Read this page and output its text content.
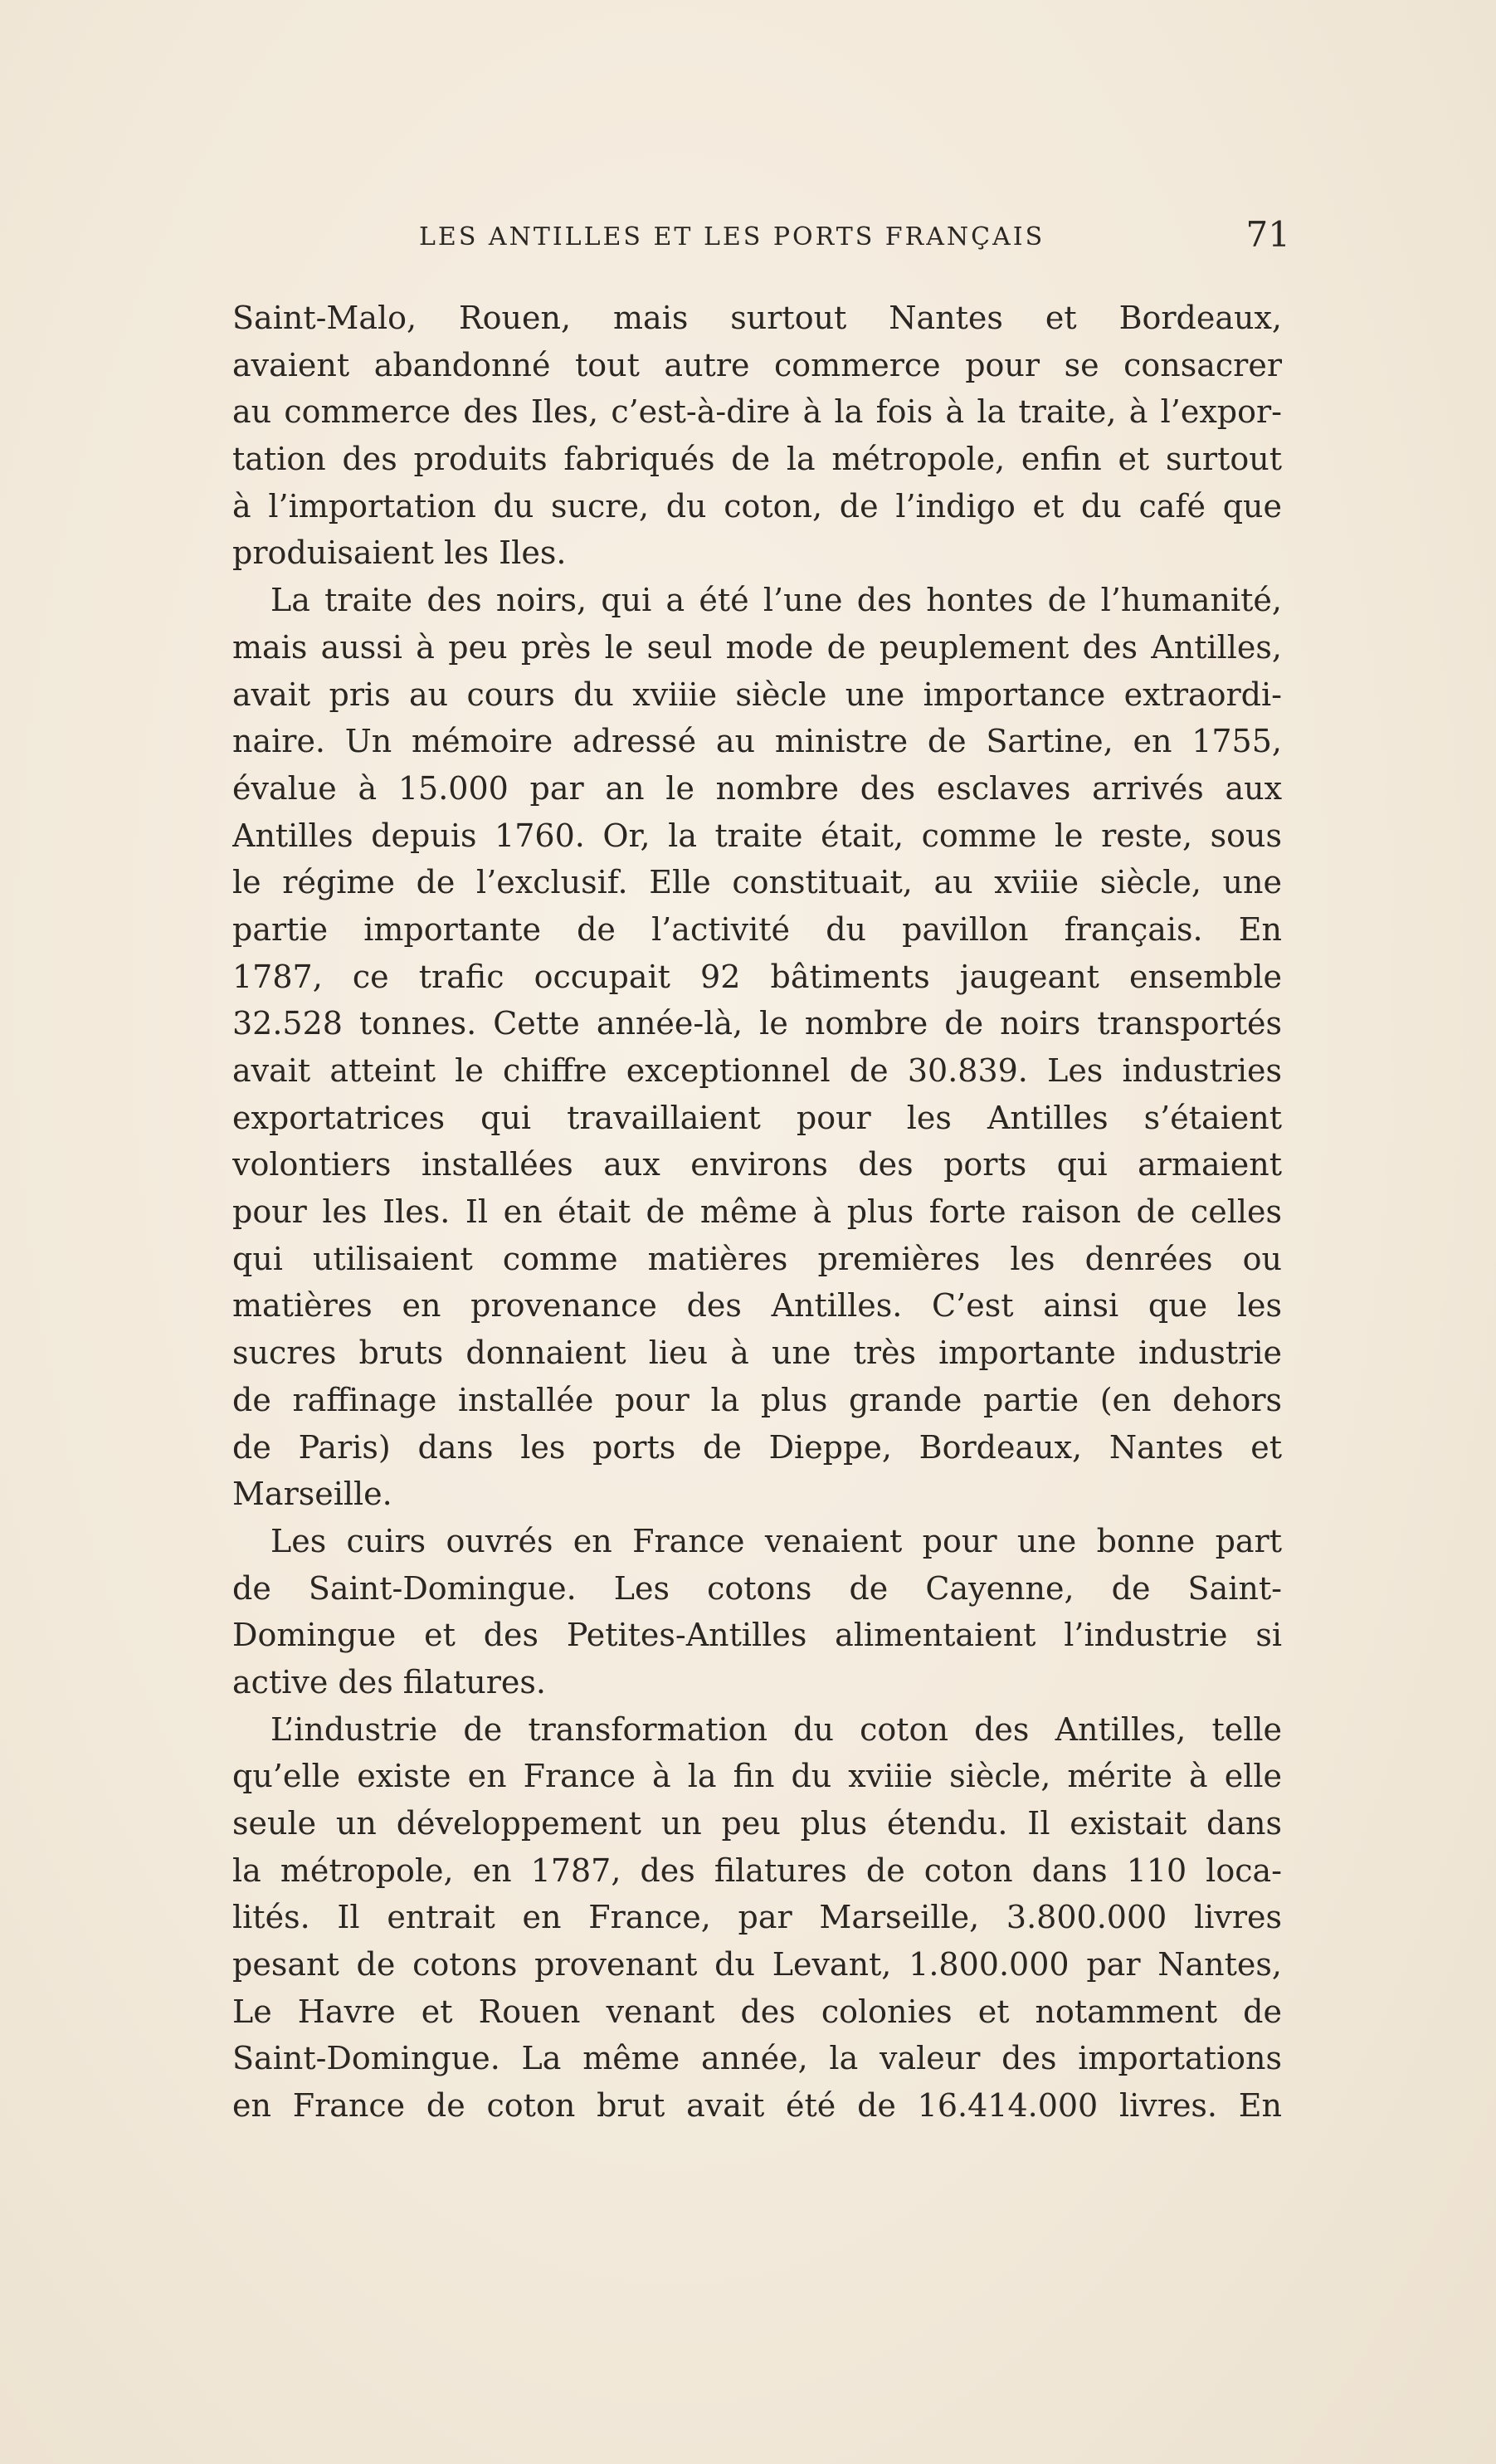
LES ANTILLES ET LES PORTS FRANÇAIS	71
Saint-Malo, Rouen, mais surtout Nantes et Bordeaux,
avaient abandonné tout autre commerce pour se consacrer
au commerce des Iles, c’est-à-dire à la fois à la traite, à l’expor-
tation des produits fabriqués de la métropole, enfin et surtout
à l’importation du sucre, du coton, de l’indigo et du café que
produisaient les Iles.
La traite des noirs, qui a été l’une des hontes de l’humanité,
mais aussi à peu près le seul mode de peuplement des Antilles,
avait pris au cours du xviiie siècle une importance extraordi-
naire. Un mémoire adressé au ministre de Sartine, en 1755,
évalue à 15.000 par an le nombre des esclaves arrivés aux
Antilles depuis 1760. Or, la traite était, comme le reste, sous
le régime de l’exclusif. Elle constituait, au xviiie siècle, une
partie importante de l’activité du pavillon français. En
1787, ce trafic occupait 92 bâtiments jaugeant ensemble
32.528 tonnes. Cette année-là, le nombre de noirs transportés
avait atteint le chiffre exceptionnel de 30.839. Les industries
exportatrices qui travaillaient pour les Antilles s’étaient
volontiers installées aux environs des ports qui armaient
pour les Iles. Il en était de même à plus forte raison de celles
qui utilisaient comme matières premières les denrées ou
matières en provenance des Antilles. C’est ainsi que les
sucres bruts donnaient lieu à une très importante industrie
de raffinage installée pour la plus grande partie (en dehors
de Paris) dans les ports de Dieppe, Bordeaux, Nantes et
Marseille.
Les cuirs ouvrés en France venaient pour une bonne part
de Saint-Domingue. Les cotons de Cayenne, de Saint-
Domingue et des Petites-Antilles alimentaient l’industrie si
active des filatures.
L’industrie de transformation du coton des Antilles, telle
qu’elle existe en France à la fin du xviiie siècle, mérite à elle
seule un développement un peu plus étendu. Il existait dans
la métropole, en 1787, des filatures de coton dans 110 loca-
lités. Il entrait en France, par Marseille, 3.800.000 livres
pesant de cotons provenant du Levant, 1.800.000 par Nantes,
Le Havre et Rouen venant des colonies et notamment de
Saint-Domingue. La même année, la valeur des importations
en France de coton brut avait été de 16.414.000 livres. En
